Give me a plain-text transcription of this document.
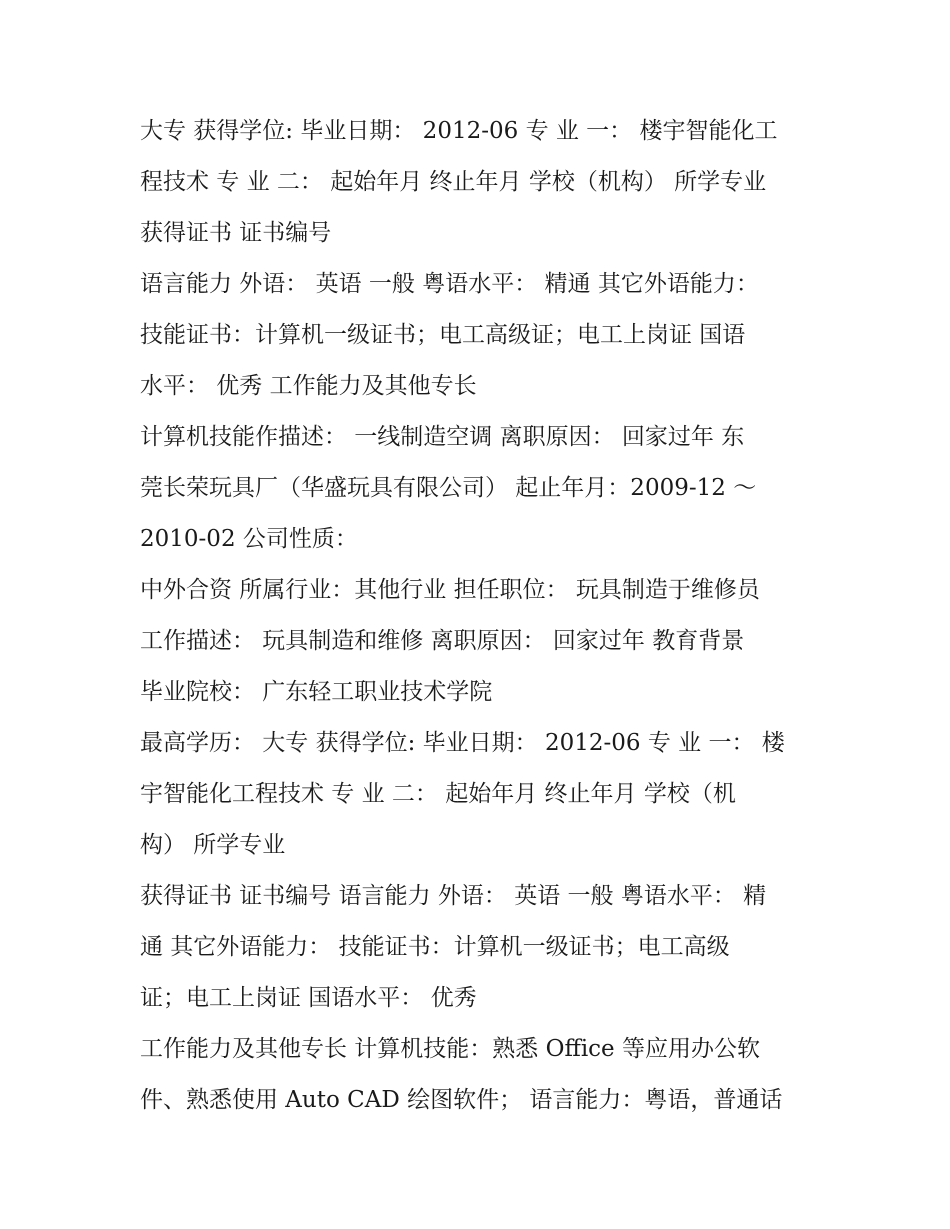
大专 获得学位: 毕业日期： 2012-06 专 业 一： 楼宇智能化工
程技术 专 业 二： 起始年月 终止年月 学校（机构） 所学专业
获得证书 证书编号

语言能力 外语： 英语 一般 粤语水平： 精通 其它外语能力：
技能证书：计算机一级证书；电工高级证；电工上岗证 国语
水平： 优秀 工作能力及其他专长

计算机技能作描述： 一线制造空调 离职原因： 回家过年 东
莞长荣玩具厂（华盛玩具有限公司） 起止年月：2009-12 ～
2010-02 公司性质：

中外合资 所属行业：其他行业 担任职位： 玩具制造于维修员
工作描述： 玩具制造和维修 离职原因： 回家过年 教育背景
毕业院校： 广东轻工职业技术学院

最高学历： 大专 获得学位: 毕业日期： 2012-06 专 业 一： 楼
宇智能化工程技术 专 业 二： 起始年月 终止年月 学校（机
构） 所学专业

获得证书 证书编号 语言能力 外语： 英语 一般 粤语水平： 精
通 其它外语能力： 技能证书：计算机一级证书；电工高级
证；电工上岗证 国语水平： 优秀

工作能力及其他专长 计算机技能：熟悉 Office 等应用办公软
件、熟悉使用 Auto CAD 绘图软件； 语言能力：粤语，普通话
